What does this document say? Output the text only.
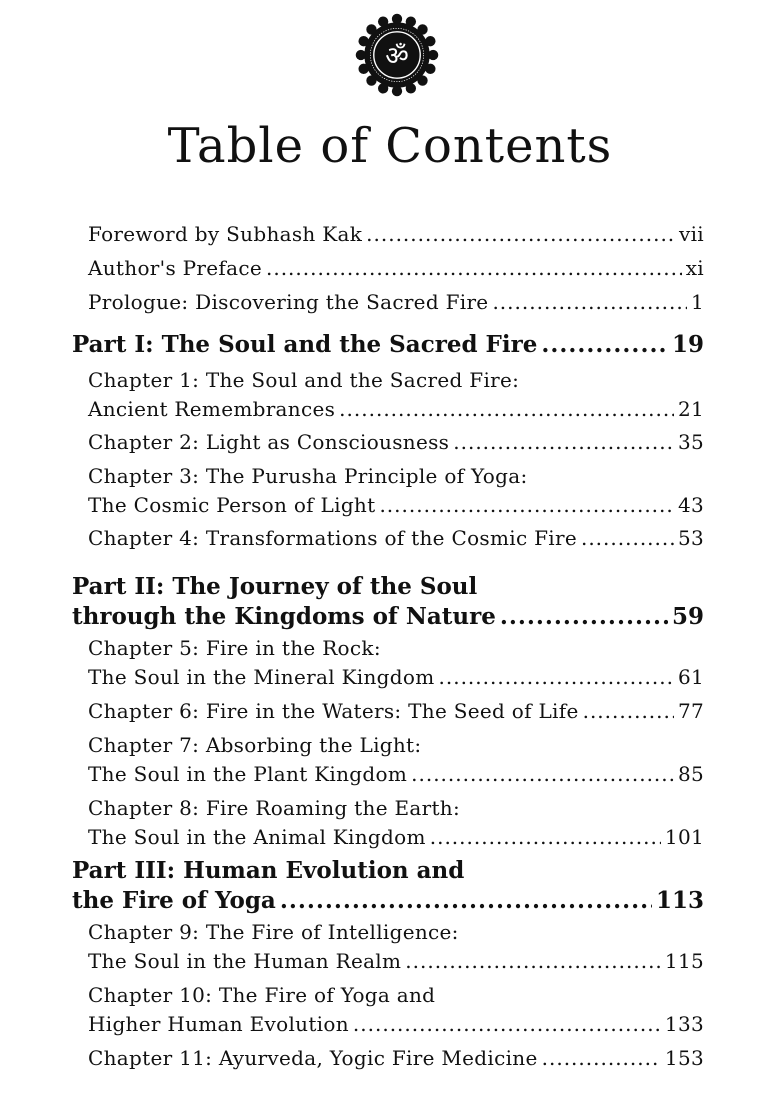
ॐ
Table of Contents
Foreword by Subhash Kak .....	vii
Author's Preface .....	xi
Prologue: Discovering the Sacred Fire .....	1
Part I: The Soul and the Sacred Fire .....	19
Chapter 1: The Soul and the Sacred Fire:
Ancient Remembrances .....	21
Chapter 2: Light as Consciousness .....	35
Chapter 3: The Purusha Principle of Yoga:
The Cosmic Person of Light .....	43
Chapter 4: Transformations of the Cosmic Fire .....	53
Part II: The Journey of the Soul
through the Kingdoms of Nature .....	59
Chapter 5: Fire in the Rock:
The Soul in the Mineral Kingdom .....	61
Chapter 6: Fire in the Waters: The Seed of Life .....	77
Chapter 7: Absorbing the Light:
The Soul in the Plant Kingdom .....	85
Chapter 8: Fire Roaming the Earth:
The Soul in the Animal Kingdom .....	101
Part III: Human Evolution and
the Fire of Yoga .....	113
Chapter 9: The Fire of Intelligence:
The Soul in the Human Realm .....	115
Chapter 10: The Fire of Yoga and
Higher Human Evolution .....	133
Chapter 11: Ayurveda, Yogic Fire Medicine .....	153
